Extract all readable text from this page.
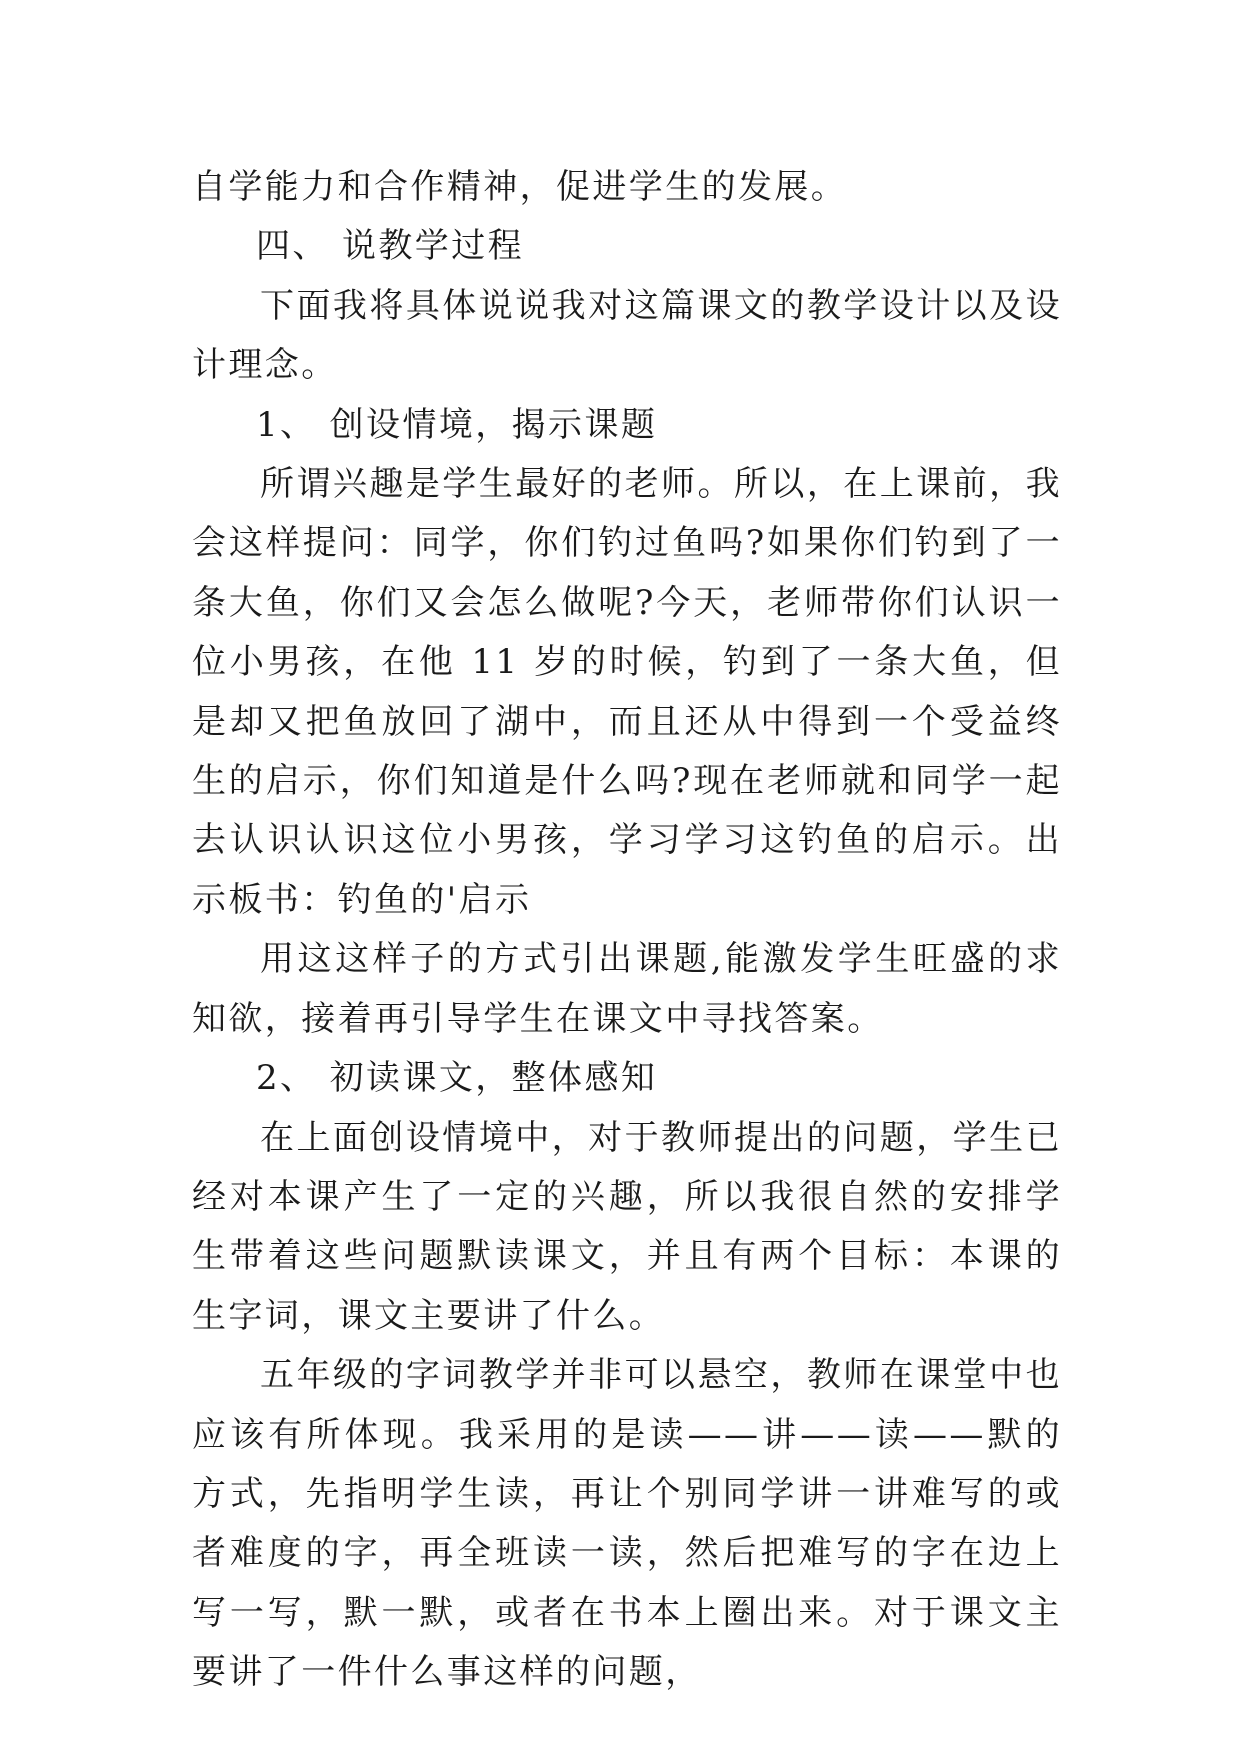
自学能力和合作精神，促进学生的发展。

四、 说教学过程

下面我将具体说说我对这篇课文的教学设计以及设计理念。

1、 创设情境，揭示课题

所谓兴趣是学生最好的老师。所以，在上课前，我会这样提问：同学，你们钓过鱼吗?如果你们钓到了一条大鱼，你们又会怎么做呢?今天，老师带你们认识一位小男孩，在他 11 岁的时候，钓到了一条大鱼，但是却又把鱼放回了湖中，而且还从中得到一个受益终生的启示，你们知道是什么吗?现在老师就和同学一起去认识认识这位小男孩，学习学习这钓鱼的启示。出示板书：钓鱼的'启示

用这这样子的方式引出课题,能激发学生旺盛的求知欲，接着再引导学生在课文中寻找答案。

2、 初读课文，整体感知

在上面创设情境中，对于教师提出的问题，学生已经对本课产生了一定的兴趣，所以我很自然的安排学生带着这些问题默读课文，并且有两个目标：本课的生字词，课文主要讲了什么。

五年级的字词教学并非可以悬空，教师在课堂中也应该有所体现。我采用的是读——讲——读——默的方式，先指明学生读，再让个别同学讲一讲难写的或者难度的字，再全班读一读，然后把难写的字在边上写一写，默一默，或者在书本上圈出来。对于课文主要讲了一件什么事这样的问题，
